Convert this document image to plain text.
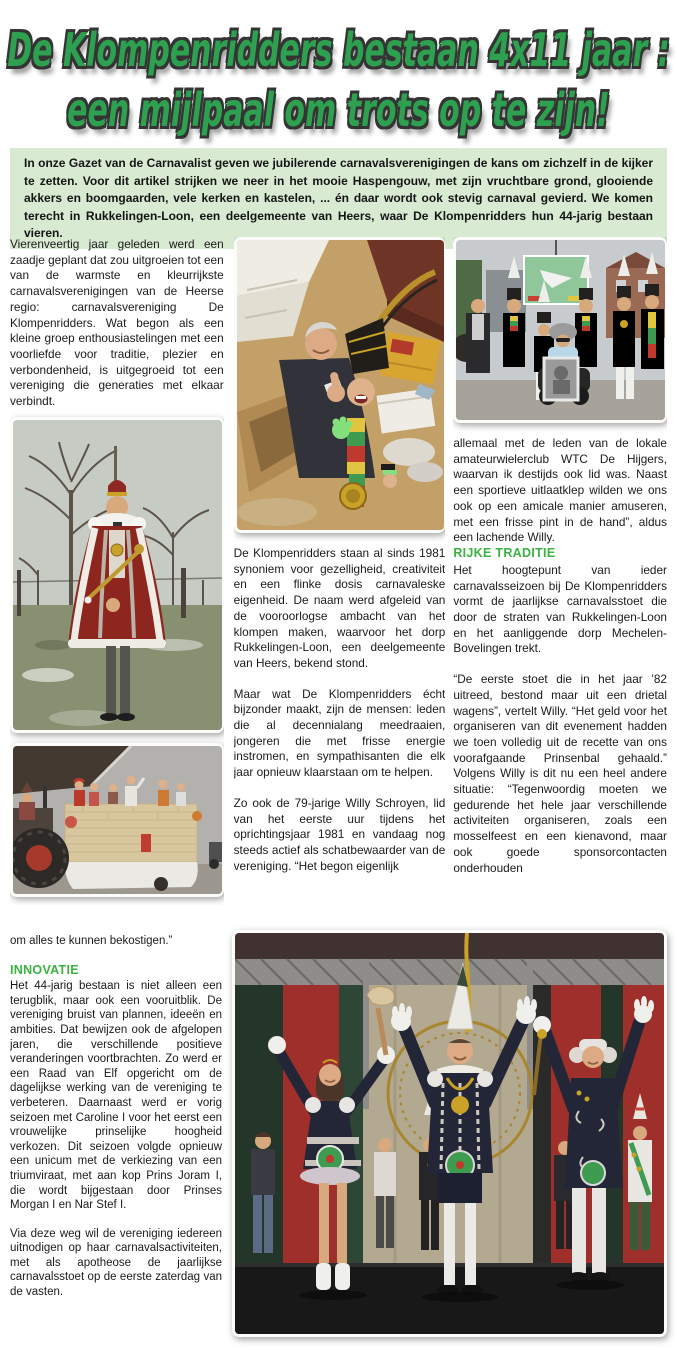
De Klompenridders bestaan 4x11 jaar :
een mijlpaal om trots op te zijn!
In onze Gazet van de Carnavalist geven we jubilerende carnavalsverenigingen de kans om zichzelf in de kijker te zetten. Voor dit artikel strijken we neer in het mooie Haspengouw, met zijn vruchtbare grond, glooiende akkers en boomgaarden, vele kerken en kastelen, ... én daar wordt ook stevig carnaval gevierd. We komen terecht in Rukkelingen-Loon, een deelgemeente van Heers, waar De Klompenridders hun 44-jarig bestaan vieren.

Vierenveertig jaar geleden werd een zaadje geplant dat zou uitgroeien tot een van de warmste en kleurrijkste carnavalsverenigingen van de Heerse regio: carnavalsvereniging De Klompenridders. Wat begon als een kleine groep enthousiastelingen met een voorliefde voor traditie, plezier en verbondenheid, is uitgegroeid tot een vereniging die generaties met elkaar verbindt.

De Klompenridders staan al sinds 1981 synoniem voor gezelligheid, creativiteit en een flinke dosis carnavaleske eigenheid. De naam werd afgeleid van de vooroorlogse ambacht van het klompen maken, waarvoor het dorp Rukkelingen-Loon, een deelgemeente van Heers, bekend stond.

Maar wat De Klompenridders écht bijzonder maakt, zijn de mensen: leden die al decennialang meedraaien, jongeren die met frisse energie instromen, en sympathisanten die elk jaar opnieuw klaarstaan om te helpen.

Zo ook de 79-jarige Willy Schroyen, lid van het eerste uur tijdens het oprichtingsjaar 1981 en vandaag nog steeds actief als schatbewaarder van de vereniging. “Het begon eigenlijk

allemaal met de leden van de lokale amateurwielerclub WTC De Hijgers, waarvan ik destijds ook lid was. Naast een sportieve uitlaatklep wilden we ons ook op een amicale manier amuseren, met een frisse pint in de hand”, aldus een lachende Willy.

RIJKE TRADITIE

Het hoogtepunt van ieder carnavalsseizoen bij De Klompenridders vormt de jaarlijkse carnavalsstoet die door de straten van Rukkelingen-Loon en het aanliggende dorp Mechelen-Bovelingen trekt.

“De eerste stoet die in het jaar ’82 uitreed, bestond maar uit een drietal wagens”, vertelt Willy. “Het geld voor het organiseren van dit evenement hadden we toen volledig uit de recette van ons voorafgaande Prinsenbal gehaald.” Volgens Willy is dit nu een heel andere situatie: “Tegenwoordig moeten we gedurende het hele jaar verschillende activiteiten organiseren, zoals een mosselfeest en een kienavond, maar ook goede sponsorcontacten onderhouden

om alles te kunnen bekostigen.”

INNOVATIE

Het 44-jarig bestaan is niet alleen een terugblik, maar ook een vooruitblik. De vereniging bruist van plannen, ideeën en ambities. Dat bewijzen ook de afgelopen jaren, die verschillende positieve veranderingen voortbrachten. Zo werd er een Raad van Elf opgericht om de dagelijkse werking van de vereniging te verbeteren. Daarnaast werd er vorig seizoen met Caroline I voor het eerst een vrouwelijke prinselijke hoogheid verkozen. Dit seizoen volgde opnieuw een unicum met de verkiezing van een triumviraat, met aan kop Prins Joram I, die wordt bijgestaan door Prinses Morgan I en Nar Stef I.

Via deze weg wil de vereniging iedereen uitnodigen op haar carnavalsactiviteiten, met als apotheose de jaarlijkse carnavalsstoet op de eerste zaterdag van de vasten.
